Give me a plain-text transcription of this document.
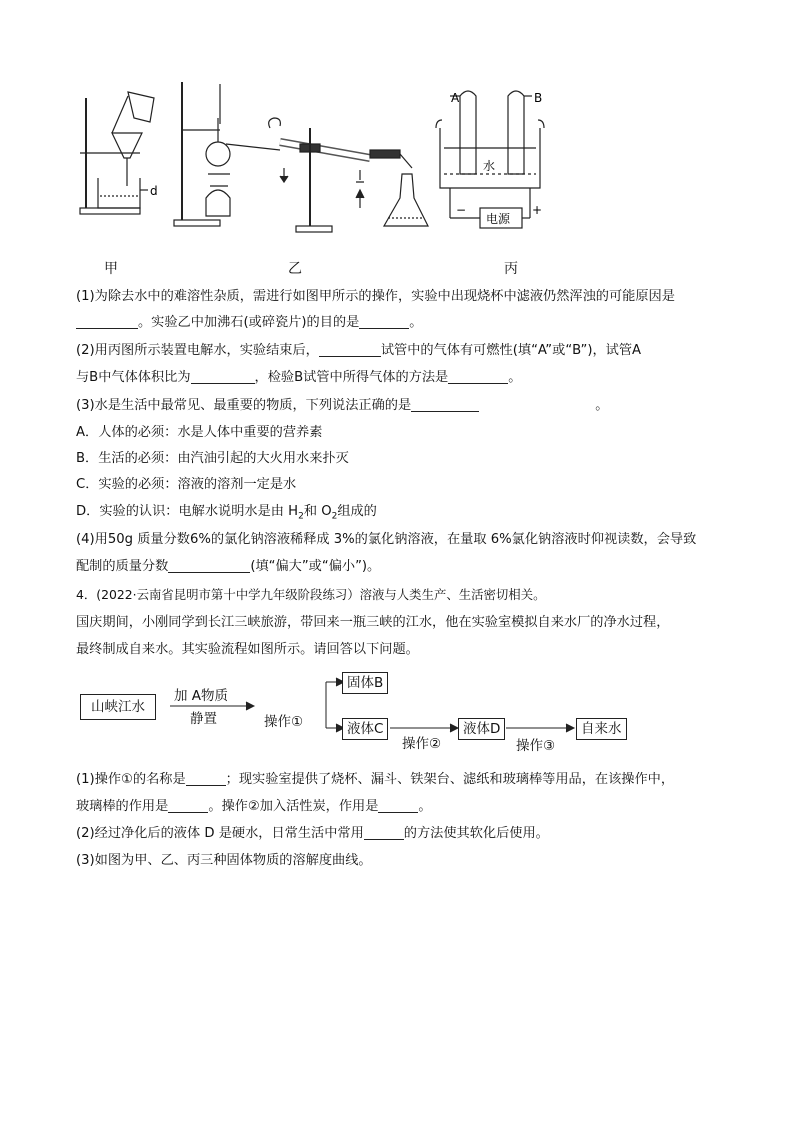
d
A	B
水
电源
−	+
甲	乙	丙
(1)为除去水中的难溶性杂质，需进行如图甲所示的操作，实验中出现烧杯中滤液仍然浑浊的可能原因是
。实验乙中加沸石(或碎瓷片)的目的是	。
(2)用丙图所示装置电解水，实验结束后，	试管中的气体有可燃性(填“A”或“B”)，试管A
与B中气体体积比为	，检验B试管中所得气体的方法是	。
(3)水是生活中最常见、最重要的物质，下列说法正确的是	。
A．人体的必须：水是人体中重要的营养素
B．生活的必须：由汽油引起的大火用水来扑灭
C．实验的必须：溶液的溶剂一定是水
D．实验的认识：电解水说明水是由 $H_2$和 $O_2$组成的
(4)用50g 质量分数6%的氯化钠溶液稀释成 3%的氯化钠溶液，在量取 6%氯化钠溶液时仰视读数，会导致
配制的质量分数	(填“偏大”或“偏小”)。
4．(2022·云南省昆明市第十中学九年级阶段练习）溶液与人类生产、生活密切相关。
国庆期间，小刚同学到长江三峡旅游，带回来一瓶三峡的江水，他在实验室模拟自来水厂的净水过程，
最终制成自来水。其实验流程如图所示。请回答以下问题。
山峡江水
加 A物质
静置	操作①
固体B
液体C
操作②
液体D
操作③
自来水
(1)操作①的名称是	；现实验室提供了烧杯、漏斗、铁架台、滤纸和玻璃棒等用品，在该操作中，
玻璃棒的作用是	。操作②加入活性炭，作用是	。
(2)经过净化后的液体 D 是硬水，日常生活中常用	的方法使其软化后使用。
(3)如图为甲、乙、丙三种固体物质的溶解度曲线。
